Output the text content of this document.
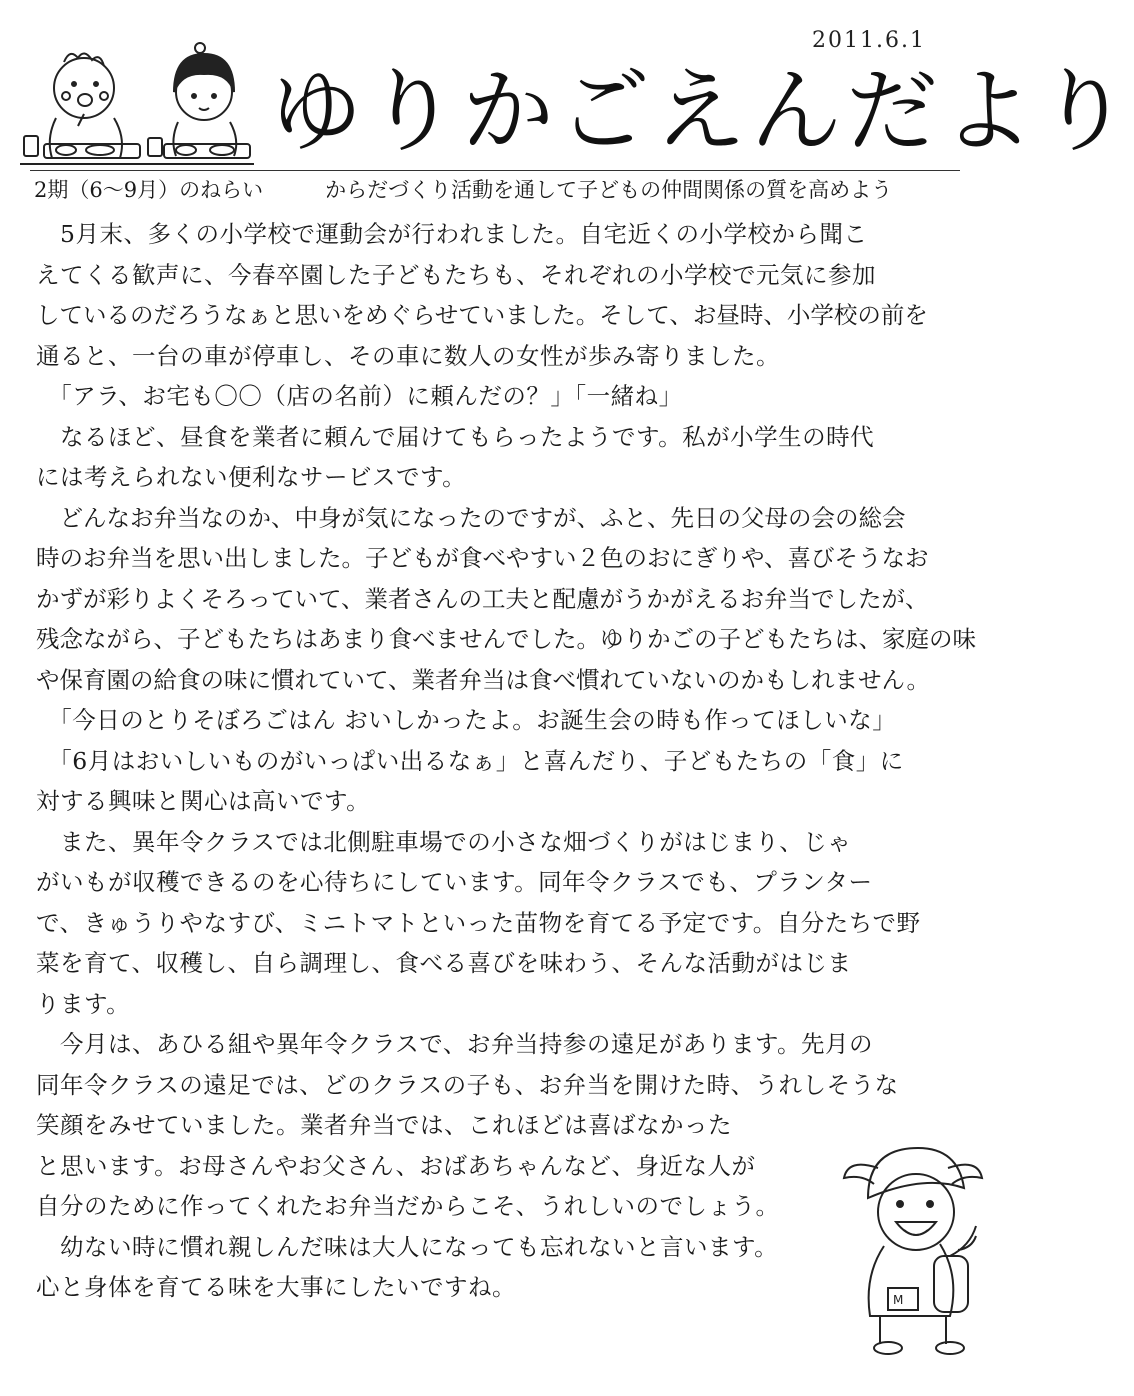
2011.6.1
ゆりかごえんだより
2期（6〜9月）のねらい	からだづくり活動を通して子どもの仲間関係の質を高めよう
　5月末、多くの小学校で運動会が行われました。自宅近くの小学校から聞こ
えてくる歓声に、今春卒園した子どもたちも、それぞれの小学校で元気に参加
しているのだろうなぁと思いをめぐらせていました。そして、お昼時、小学校の前を
通ると、一台の車が停車し、その車に数人の女性が歩み寄りました。
　「アラ、お宅も〇〇（店の名前）に頼んだの？」「一緒ね」
　なるほど、昼食を業者に頼んで届けてもらったようです。私が小学生の時代
には考えられない便利なサービスです。
　どんなお弁当なのか、中身が気になったのですが、ふと、先日の父母の会の総会
時のお弁当を思い出しました。子どもが食べやすい２色のおにぎりや、喜びそうなお
かずが彩りよくそろっていて、業者さんの工夫と配慮がうかがえるお弁当でしたが、
残念ながら、子どもたちはあまり食べませんでした。ゆりかごの子どもたちは、家庭の味
や保育園の給食の味に慣れていて、業者弁当は食べ慣れていないのかもしれません。
　「今日のとりそぼろごはん おいしかったよ。お誕生会の時も作ってほしいな」
　「6月はおいしいものがいっぱい出るなぁ」と喜んだり、子どもたちの「食」に
対する興味と関心は高いです。
　また、異年令クラスでは北側駐車場での小さな畑づくりがはじまり、じゃ
がいもが収穫できるのを心待ちにしています。同年令クラスでも、プランター
で、きゅうりやなすび、ミニトマトといった苗物を育てる予定です。自分たちで野
菜を育て、収穫し、自ら調理し、食べる喜びを味わう、そんな活動がはじま
ります。
　今月は、あひる組や異年令クラスで、お弁当持参の遠足があります。先月の
同年令クラスの遠足では、どのクラスの子も、お弁当を開けた時、うれしそうな
笑顔をみせていました。業者弁当では、これほどは喜ばなかった
と思います。お母さんやお父さん、おばあちゃんなど、身近な人が
自分のために作ってくれたお弁当だからこそ、うれしいのでしょう。
　幼ない時に慣れ親しんだ味は大人になっても忘れないと言います。
心と身体を育てる味を大事にしたいですね。	M
